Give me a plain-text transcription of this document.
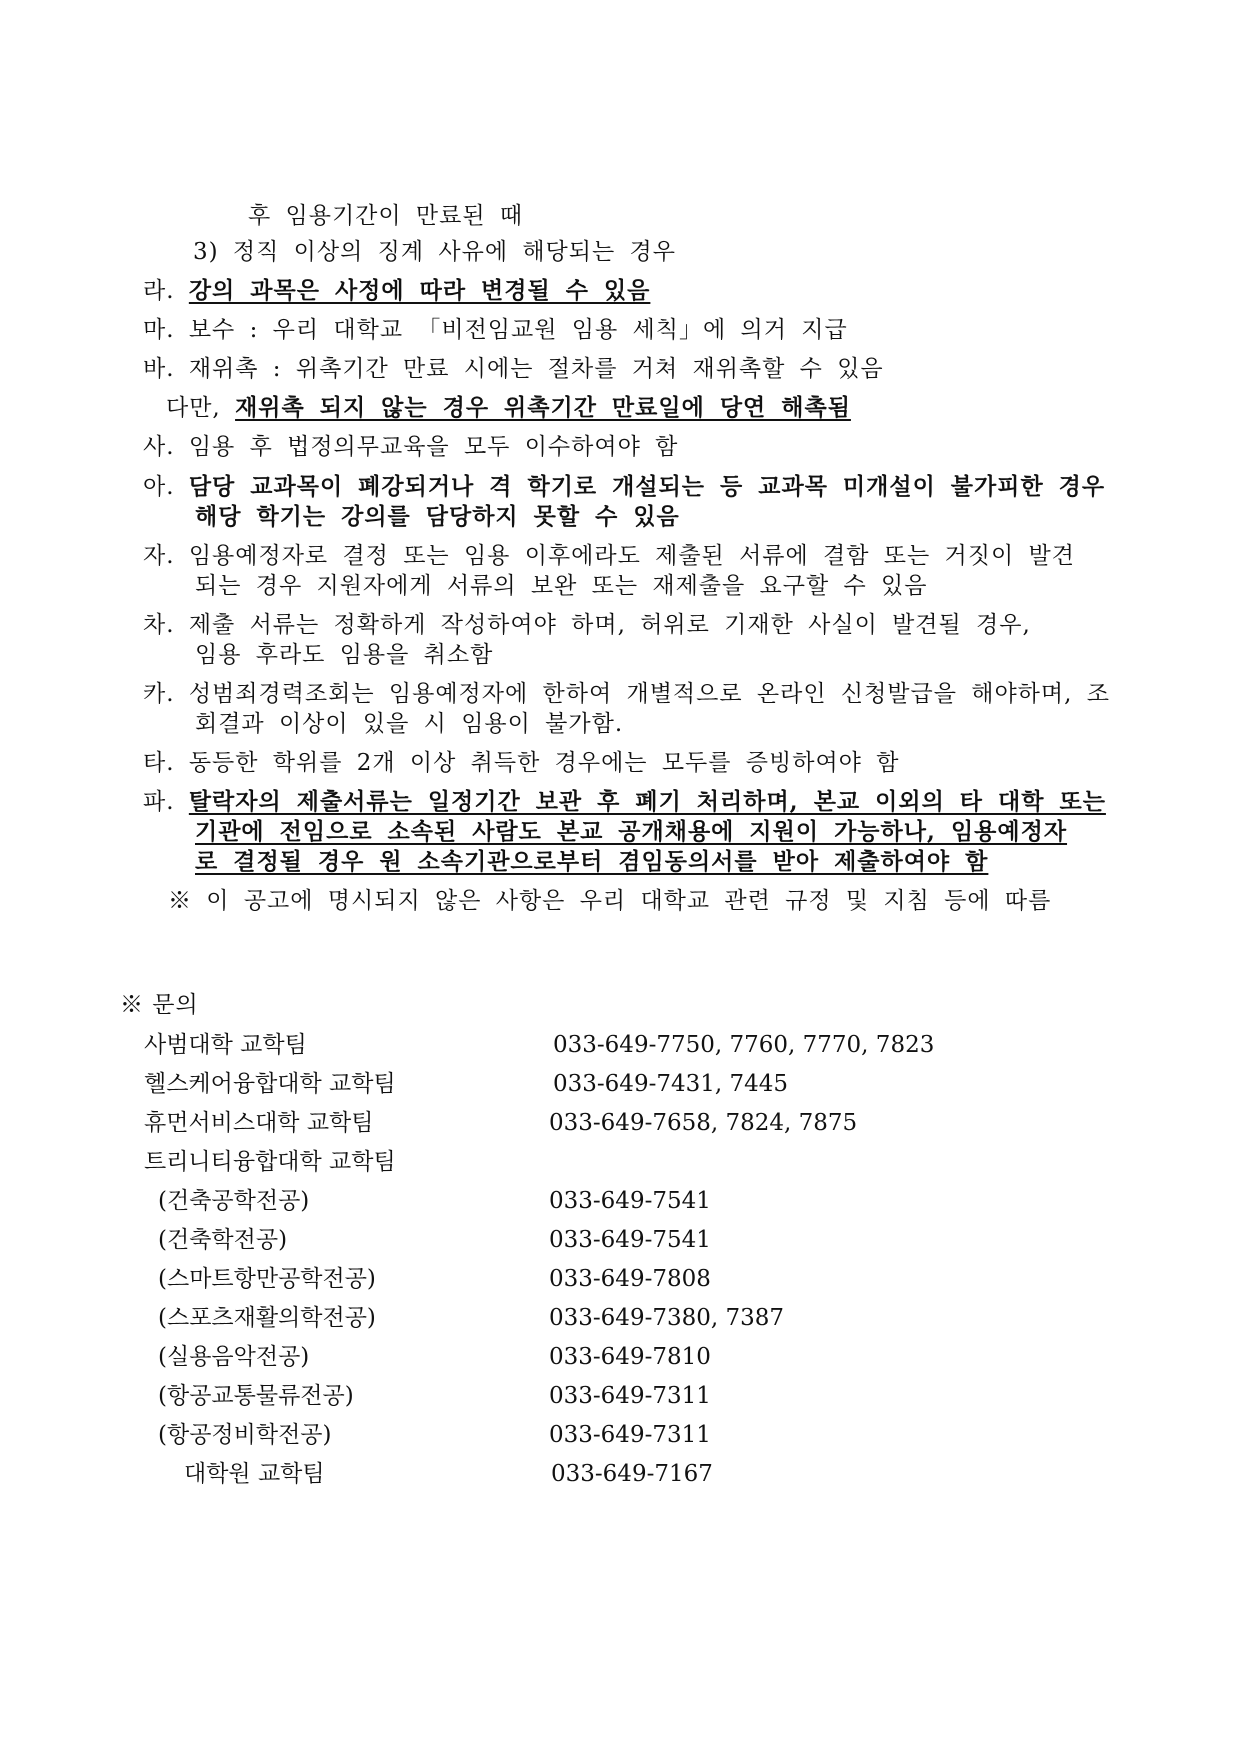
후 임용기간이 만료된 때
3) 정직 이상의 징계 사유에 해당되는 경우
라. 강의 과목은 사정에 따라 변경될 수 있음
마. 보수 : 우리 대학교 「비전임교원 임용 세칙」에 의거 지급
바. 재위촉 : 위촉기간 만료 시에는 절차를 거쳐 재위촉할 수 있음
다만, 재위촉 되지 않는 경우 위촉기간 만료일에 당연 해촉됨
사. 임용 후 법정의무교육을 모두 이수하여야 함
아. 담당 교과목이 폐강되거나 격 학기로 개설되는 등 교과목 미개설이 불가피한 경우
해당 학기는 강의를 담당하지 못할 수 있음
자. 임용예정자로 결정 또는 임용 이후에라도 제출된 서류에 결함 또는 거짓이 발견
되는 경우 지원자에게 서류의 보완 또는 재제출을 요구할 수 있음
차. 제출 서류는 정확하게 작성하여야 하며, 허위로 기재한 사실이 발견될 경우,
임용 후라도 임용을 취소함
카. 성범죄경력조회는 임용예정자에 한하여 개별적으로 온라인 신청발급을 해야하며, 조
회결과 이상이 있을 시 임용이 불가함.
타. 동등한 학위를 2개 이상 취득한 경우에는 모두를 증빙하여야 함
파. 탈락자의 제출서류는 일정기간 보관 후 폐기 처리하며, 본교 이외의 타 대학 또는
기관에 전임으로 소속된 사람도 본교 공개채용에 지원이 가능하나, 임용예정자
로 결정될 경우 원 소속기관으로부터 겸임동의서를 받아 제출하여야 함
※ 이 공고에 명시되지 않은 사항은 우리 대학교 관련 규정 및 지침 등에 따름
※ 문의
사범대학 교학팀	033-649-7750, 7760, 7770, 7823
헬스케어융합대학 교학팀	033-649-7431, 7445
휴먼서비스대학 교학팀	033-649-7658, 7824, 7875
트리니티융합대학 교학팀
(건축공학전공)	033-649-7541
(건축학전공)	033-649-7541
(스마트항만공학전공)	033-649-7808
(스포츠재활의학전공)	033-649-7380, 7387
(실용음악전공)	033-649-7810
(항공교통물류전공)	033-649-7311
(항공정비학전공)	033-649-7311
대학원 교학팀	033-649-7167
